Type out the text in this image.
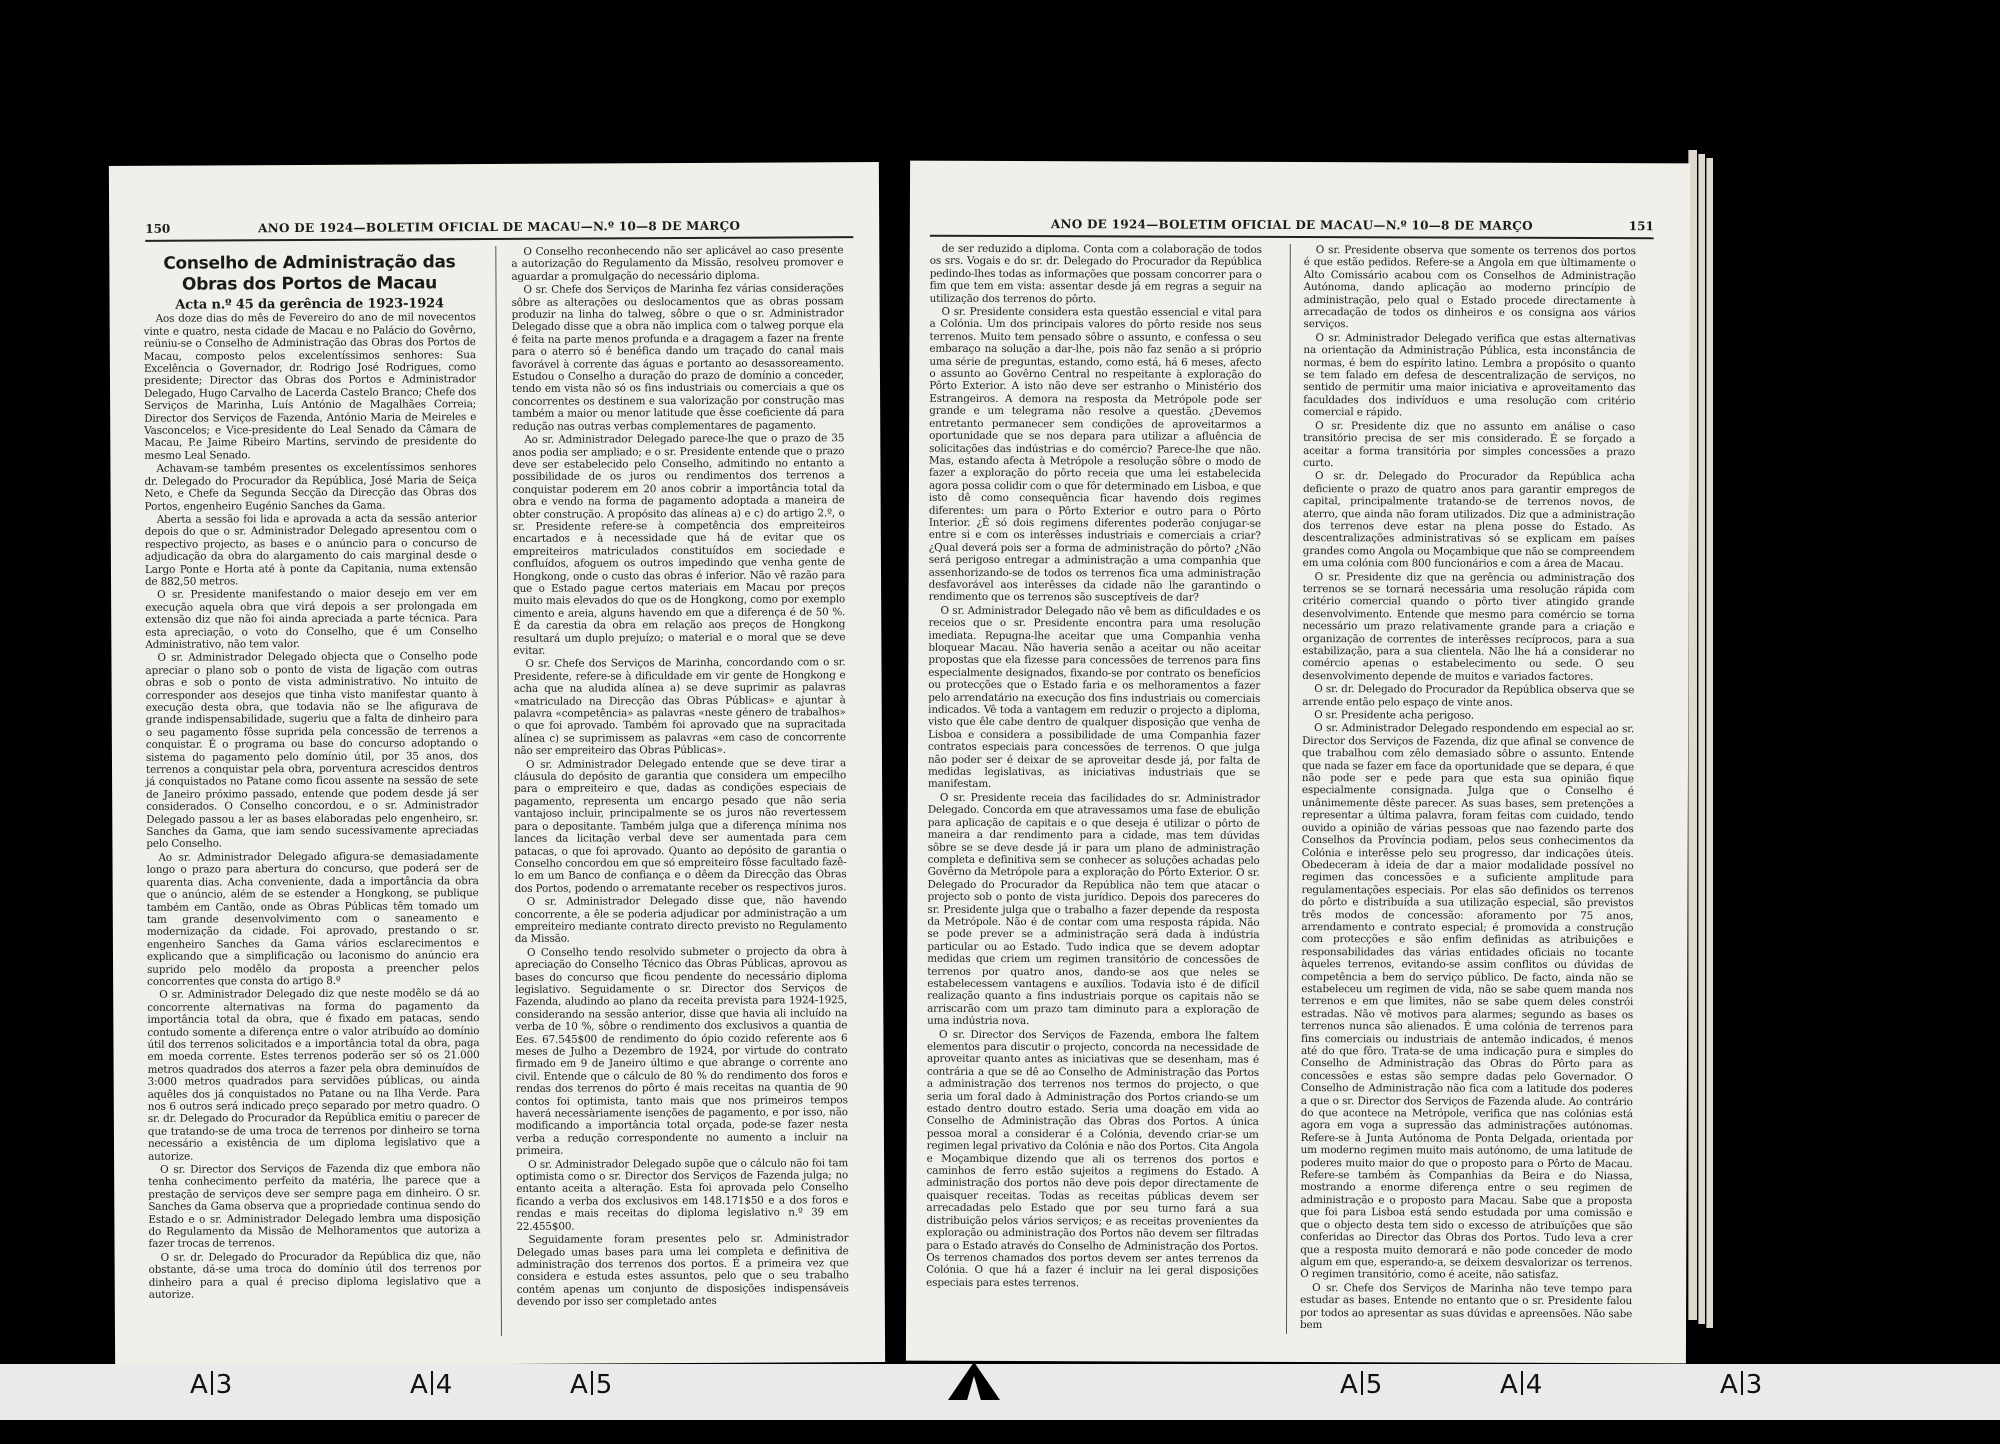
150	ANO DE 1924—BOLETIM OFICIAL DE MACAU—N.º 10—8 DE MARÇO
Conselho de Administração das Obras dos Portos de Macau

Acta n.º 45 da gerência de 1923-1924

Aos doze dias do mês de Fevereiro do ano de mil novecentos vinte e quatro, nesta cidade de Macau e no Palácio do Govêrno, reüniu-se o Conselho de Administração das Obras dos Portos de Macau, composto pelos excelentíssimos senhores: Sua Excelência o Governador, dr. Rodrigo José Rodrigues, como presidente; Director das Obras dos Portos e Administrador Delegado, Hugo Carvalho de Lacerda Castelo Branco; Chefe dos Serviços de Marinha, Luís António de Magalhães Correia; Director dos Serviços de Fazenda, António Maria de Meireles e Vasconcelos; e Vice-presidente do Leal Senado da Câmara de Macau, P.e Jaime Ribeiro Martins, servindo de presidente do mesmo Leal Senado.

Achavam-se também presentes os excelentíssimos senhores dr. Delegado do Procurador da República, José Maria de Seiça Neto, e Chefe da Segunda Secção da Direcção das Obras dos Portos, engenheiro Eugénio Sanches da Gama.

Aberta a sessão foi lida e aprovada a acta da sessão anterior depois do que o sr. Administrador Delegado apresentou com o respectivo projecto, as bases e o anúncio para o concurso de adjudicação da obra do alargamento do cais marginal desde o Largo Ponte e Horta até à ponte da Capitania, numa extensão de 882,50 metros.

O sr. Presidente manifestando o maior desejo em ver em execução aquela obra que virá depois a ser prolongada em extensão diz que não foi ainda apreciada a parte técnica. Para esta apreciação, o voto do Conselho, que é um Conselho Administrativo, não tem valor.

O sr. Administrador Delegado objecta que o Conselho pode apreciar o plano sob o ponto de vista de ligação com outras obras e sob o ponto de vista administrativo. No intuito de corresponder aos desejos que tinha visto manifestar quanto à execução desta obra, que todavia não se lhe afigurava de grande indispensabilidade, sugeriu que a falta de dinheiro para o seu pagamento fôsse suprida pela concessão de terrenos a conquistar. É o programa ou base do concurso adoptando o sistema do pagamento pelo domínio útil, por 35 anos, dos terrenos a conquistar pela obra, porventura acrescidos dentros já conquistados no Patane como ficou assente na sessão de sete de Janeiro próximo passado, entende que podem desde já ser considerados. O Conselho concordou, e o sr. Administrador Delegado passou a ler as bases elaboradas pelo engenheiro, sr. Sanches da Gama, que iam sendo sucessivamente apreciadas pelo Conselho.

Ao sr. Administrador Delegado afigura-se demasiadamente longo o prazo para abertura do concurso, que poderá ser de quarenta dias. Acha conveniente, dada a importância da obra que o anúncio, além de se estender a Hongkong, se publique também em Cantão, onde as Obras Públicas têm tomado um tam grande desenvolvimento com o saneamento e modernização da cidade. Foi aprovado, prestando o sr. engenheiro Sanches da Gama vários esclarecimentos e explicando que a simplificação ou laconismo do anúncio era suprido pelo modêlo da proposta a preencher pelos concorrentes que consta do artigo 8.º

O sr. Administrador Delegado diz que neste modêlo se dá ao concorrente alternativas na forma do pagamento da importância total da obra, que é fixado em patacas, sendo contudo somente a diferença entre o valor atribuído ao domínio útil dos terrenos solicitados e a importância total da obra, paga em moeda corrente. Estes terrenos poderão ser só os 21.000 metros quadrados dos aterros a fazer pela obra deminuídos de 3:000 metros quadrados para servidões públicas, ou ainda aquêles dos já conquistados no Patane ou na Ilha Verde. Para nos 6 outros será indicado preço separado por metro quadro. O sr. dr. Delegado do Procurador da República emitiu o parecer de que tratando-se de uma troca de terrenos por dinheiro se torna necessário a existência de um diploma legislativo que a autorize.

O sr. Director dos Serviços de Fazenda diz que embora não tenha conhecimento perfeito da matéria, lhe parece que a prestação de serviços deve ser sempre paga em dinheiro. O sr. Sanches da Gama observa que a propriedade continua sendo do Estado e o sr. Administrador Delegado lembra uma disposição do Regulamento da Missão de Melhoramentos que autoriza a fazer trocas de terrenos.

O sr. dr. Delegado do Procurador da República diz que, não obstante, dá-se uma troca do domínio útil dos terrenos por dinheiro para a qual é preciso diploma legislativo que a autorize.

O Conselho reconhecendo não ser aplicável ao caso presente a autorização do Regulamento da Missão, resolveu promover e aguardar a promulgação do necessário diploma.

O sr. Chefe dos Serviços de Marinha fez várias considerações sôbre as alterações ou deslocamentos que as obras possam produzir na linha do talweg, sôbre o que o sr. Administrador Delegado disse que a obra não implica com o talweg porque ela é feita na parte menos profunda e a dragagem a fazer na frente para o aterro só é benéfica dando um traçado do canal mais favorável à corrente das águas e portanto ao desassoreamento. Estudou o Conselho a duração do prazo de domínio a conceder, tendo em vista não só os fins industriais ou comerciais a que os concorrentes os destinem e sua valorização por construção mas também a maior ou menor latitude que êsse coeficiente dá para redução nas outras verbas complementares de pagamento.

Ao sr. Administrador Delegado parece-lhe que o prazo de 35 anos podia ser ampliado; e o sr. Presidente entende que o prazo deve ser estabelecido pelo Conselho, admitindo no entanto a possibilidade de os juros ou rendimentos dos terrenos a conquistar poderem em 20 anos cobrir a importância total da obra e vendo na forma de pagamento adoptada a maneira de obter construção. A propósito das alíneas a) e c) do artigo 2.º, o sr. Presidente refere-se à competência dos empreiteiros encartados e à necessidade que há de evitar que os empreiteiros matriculados constituídos em sociedade e confluídos, afoguem os outros impedindo que venha gente de Hongkong, onde o custo das obras é inferior. Não vê razão para que o Estado pague certos materiais em Macau por preços muito mais elevados do que os de Hongkong, como por exemplo cimento e areia, alguns havendo em que a diferença é de 50 %. É da carestia da obra em relação aos preços de Hongkong resultará um duplo prejuízo; o material e o moral que se deve evitar.

O sr. Chefe dos Serviços de Marinha, concordando com o sr. Presidente, refere-se à dificuldade em vir gente de Hongkong e acha que na aludida alínea a) se deve suprimir as palavras «matriculado na Direcção das Obras Públicas» e ajuntar à palavra «competência» as palavras «neste género de trabalhos» o que foi aprovado. Também foi aprovado que na supracitada alínea c) se suprimissem as palavras «em caso de concorrente não ser empreiteiro das Obras Públicas».

O sr. Administrador Delegado entende que se deve tirar a cláusula do depósito de garantia que considera um empecilho para o empreiteiro e que, dadas as condições especiais de pagamento, representa um encargo pesado que não seria vantajoso incluir, principalmente se os juros não revertessem para o depositante. Também julga que a diferença mínima nos lances da licitação verbal deve ser aumentada para cem patacas, o que foi aprovado. Quanto ao depósito de garantia o Conselho concordou em que só empreiteiro fôsse facultado fazê-lo em um Banco de confiança e o dêem da Direcção das Obras dos Portos, podendo o arrematante receber os respectivos juros.

O sr. Administrador Delegado disse que, não havendo concorrente, a êle se poderia adjudicar por administração a um empreiteiro mediante contrato directo previsto no Regulamento da Missão.

O Conselho tendo resolvido submeter o projecto da obra à apreciação do Conselho Técnico das Obras Públicas, aprovou as bases do concurso que ficou pendente do necessário diploma legislativo. Seguidamente o sr. Director dos Serviços de Fazenda, aludindo ao plano da receita prevista para 1924-1925, considerando na sessão anterior, disse que havia ali incluído na verba de 10 %, sôbre o rendimento dos exclusivos a quantia de Ees. 67.545$00 de rendimento do ópio cozido referente aos 6 meses de Julho a Dezembro de 1924, por virtude do contrato firmado em 9 de Janeiro último e que abrange o corrente ano civil. Entende que o cálculo de 80 % do rendimento dos foros e rendas dos terrenos do pôrto é mais receitas na quantia de 90 contos foi optimista, tanto mais que nos primeiros tempos haverá necessàriamente isenções de pagamento, e por isso, não modificando a importância total orçada, pode-se fazer nesta verba a redução correspondente no aumento a incluir na primeira.

O sr. Administrador Delegado supõe que o cálculo não foi tam optimista como o sr. Director dos Serviços de Fazenda julga; no entanto aceita a alteração. Esta foi aprovada pelo Conselho ficando a verba dos exclusivos em 148.171$50 e a dos foros e rendas e mais receitas do diploma legislativo n.º 39 em 22.455$00.

Seguidamente foram presentes pelo sr. Administrador Delegado umas bases para uma lei completa e definitiva de administração dos terrenos dos portos. É a primeira vez que considera e estuda estes assuntos, pelo que o seu trabalho contém apenas um conjunto de disposições indispensáveis devendo por isso ser completado antes

ANO DE 1924—BOLETIM OFICIAL DE MACAU—N.º 10—8 DE MARÇO	151

de ser reduzido a diploma. Conta com a colaboração de todos os srs. Vogais e do sr. dr. Delegado do Procurador da República pedindo-lhes todas as informações que possam concorrer para o fim que tem em vista: assentar desde já em regras a seguir na utilização dos terrenos do pôrto.

O sr. Presidente considera esta questão essencial e vital para a Colónia. Um dos principais valores do pôrto reside nos seus terrenos. Muito tem pensado sôbre o assunto, e confessa o seu embaraço na solução a dar-lhe, pois não faz senão a si próprio uma série de preguntas, estando, como está, há 6 meses, afecto o assunto ao Govêrno Central no respeitante à exploração do Pôrto Exterior. A isto não deve ser estranho o Ministério dos Estrangeiros. A demora na resposta da Metrópole pode ser grande e um telegrama não resolve a questão. ¿Devemos entretanto permanecer sem condições de aproveitarmos a oportunidade que se nos depara para utilizar a afluência de solicitações das indústrias e do comércio? Parece-lhe que não. Mas, estando afecta à Metrópole a resolução sôbre o modo de fazer a exploração do pôrto receia que uma lei estabelecida agora possa colidir com o que fôr determinado em Lisboa, e que isto dê como consequência ficar havendo dois regimes diferentes: um para o Pôrto Exterior e outro para o Pôrto Interior. ¿É só dois regimens diferentes poderão conjugar-se entre si e com os interêsses industriais e comerciais a criar? ¿Qual deverá pois ser a forma de administração do pôrto? ¿Não será perigoso entregar a administração a uma companhia que assenhorizando-se de todos os terrenos fica uma administração desfavorável aos interêsses da cidade não lhe garantindo o rendimento que os terrenos são susceptíveis de dar?

O sr. Administrador Delegado não vê bem as dificuldades e os receios que o sr. Presidente encontra para uma resolução imediata. Repugna-lhe aceitar que uma Companhia venha bloquear Macau. Não haveria senão a aceitar ou não aceitar propostas que ela fizesse para concessões de terrenos para fins especialmente designados, fixando-se por contrato os benefícios ou protecções que o Estado faria e os melhoramentos a fazer pelo arrendatário na execução dos fins industriais ou comerciais indicados. Vê toda a vantagem em reduzir o projecto a diploma, visto que êle cabe dentro de qualquer disposição que venha de Lisboa e considera a possibilidade de uma Companhia fazer contratos especiais para concessões de terrenos. O que julga não poder ser é deixar de se aproveitar desde já, por falta de medidas legislativas, as iniciativas industriais que se manifestam.

O sr. Presidente receia das facilidades do sr. Administrador Delegado. Concorda em que atravessamos uma fase de ebulição para aplicação de capitais e o que deseja é utilizar o pôrto de maneira a dar rendimento para a cidade, mas tem dúvidas sôbre se se deve desde já ir para um plano de administração completa e definitiva sem se conhecer as soluções achadas pelo Govêrno da Metrópole para a exploração do Pôrto Exterior. O sr. Delegado do Procurador da República não tem que atacar o projecto sob o ponto de vista jurídico. Depois dos pareceres do sr. Presidente julga que o trabalho a fazer depende da resposta da Metrópole. Não é de contar com uma resposta rápida. Não se pode prever se a administração será dada à indústria particular ou ao Estado. Tudo indica que se devem adoptar medidas que criem um regimen transitório de concessões de terrenos por quatro anos, dando-se aos que neles se estabelecessem vantagens e auxílios. Todavia isto é de difícil realização quanto a fins industriais porque os capitais não se arriscarão com um prazo tam diminuto para a exploração de uma indústria nova.

O sr. Director dos Serviços de Fazenda, embora lhe faltem elementos para discutir o projecto, concorda na necessidade de aproveitar quanto antes as iniciativas que se desenham, mas é contrária a que se dê ao Conselho de Administração das Portos a administração dos terrenos nos termos do projecto, o que seria um foral dado à Administração dos Portos criando-se um estado dentro doutro estado. Seria uma doação em vida ao Conselho de Administração das Obras dos Portos. A única pessoa moral a considerar é a Colónia, devendo criar-se um regimen legal privativo da Colónia e não dos Portos. Cita Angola e Moçambique dizendo que ali os terrenos dos portos e caminhos de ferro estão sujeitos a regimens do Estado. A administração dos portos não deve pois depor directamente de quaisquer receitas. Todas as receitas públicas devem ser arrecadadas pelo Estado que por seu turno fará a sua distribuição pelos vários serviços; e as receitas provenientes da exploração ou administração dos Portos não devem ser filtradas para o Estado através do Conselho de Administração dos Portos. Os terrenos chamados dos portos devem ser antes terrenos da Colónia. O que há a fazer é incluir na lei geral disposições especiais para estes terrenos.

O sr. Presidente observa que somente os terrenos dos portos é que estão pedidos. Refere-se a Angola em que ùltimamente o Alto Comissário acabou com os Conselhos de Administração Autónoma, dando aplicação ao moderno princípio de administração, pelo qual o Estado procede directamente à arrecadação de todos os dinheiros e os consigna aos vários serviços.

O sr. Administrador Delegado verifica que estas alternativas na orientação da Administração Pública, esta inconstância de normas, é bem do espírito latino. Lembra a propósito o quanto se tem falado em defesa de descentralização de serviços, no sentido de permitir uma maior iniciativa e aproveitamento das faculdades dos indivíduos e uma resolução com critério comercial e rápido.

O sr. Presidente diz que no assunto em análise o caso transitório precisa de ser mis considerado. É se forçado a aceitar a forma transitória por simples concessões a prazo curto.

O sr. dr. Delegado do Procurador da República acha deficiente o prazo de quatro anos para garantir empregos de capital, principalmente tratando-se de terrenos novos, de aterro, que ainda não foram utilizados. Diz que a administração dos terrenos deve estar na plena posse do Estado. As descentralizações administrativas só se explicam em países grandes como Angola ou Moçambique que não se compreendem em uma colónia com 800 funcionários e com a área de Macau.

O sr. Presidente diz que na gerência ou administração dos terrenos se se tornará necessária uma resolução rápida com critério comercial quando o pôrto tiver atingido grande desenvolvimento. Entende que mesmo para comércio se torna necessário um prazo relativamente grande para a criação e organização de correntes de interêsses recíprocos, para a sua estabilização, para a sua clientela. Não lhe há a considerar no comércio apenas o estabelecimento ou sede. O seu desenvolvimento depende de muitos e variados factores.

O sr. dr. Delegado do Procurador da República observa que se arrende então pelo espaço de vinte anos.

O sr. Presidente acha perigoso.

O sr. Administrador Delegado respondendo em especial ao sr. Director dos Serviços de Fazenda, diz que afinal se convence de que trabalhou com zêlo demasiado sôbre o assunto. Entende que nada se fazer em face da oportunidade que se depara, é que não pode ser e pede para que esta sua opinião fique especialmente consignada. Julga que o Conselho é unânimemente dêste parecer. As suas bases, sem pretenções a representar a última palavra, foram feitas com cuidado, tendo ouvido a opinião de várias pessoas que nao fazendo parte dos Conselhos da Província podiam, pelos seus conhecimentos da Colónia e interêsse pelo seu progresso, dar indicações úteis. Obedeceram à ideia de dar a maior modalidade possível no regimen das concessões e a suficiente amplitude para regulamentações especiais. Por elas são definidos os terrenos do pôrto e distribuída a sua utilização especial, são previstos três modos de concessão: aforamento por 75 anos, arrendamento e contrato especial; é promovida a construção com protecções e são enfim definidas as atribuições e responsabilidades das várias entidades oficiais no tocante àqueles terrenos, evitando-se assim conflitos ou dúvidas de competência a bem do serviço público. De facto, ainda não se estabeleceu um regimen de vida, não se sabe quem manda nos terrenos e em que limites, não se sabe quem deles constrói estradas. Não vê motivos para alarmes; segundo as bases os terrenos nunca são alienados. É uma colónia de terrenos para fins comerciais ou industriais de antemão indicados, é menos até do que fôro. Trata-se de uma indicação pura e simples do Conselho de Administração das Obras do Pôrto para as concessões e estas são sempre dadas pelo Governador. O Conselho de Administração não fica com a latitude dos poderes a que o sr. Director dos Serviços de Fazenda alude. Ao contrário do que acontece na Metrópole, verifica que nas colónias está agora em voga a supressão das administrações autónomas. Refere-se à Junta Autónoma de Ponta Delgada, orientada por um moderno regimen muito mais autónomo, de uma latitude de poderes muito maior do que o proposto para o Pôrto de Macau. Refere-se também às Companhias da Beira e do Niassa, mostrando a enorme diferença entre o seu regimen de administração e o proposto para Macau. Sabe que a proposta que foi para Lisboa está sendo estudada por uma comissão e que o objecto desta tem sido o excesso de atribuïções que são conferidas ao Director das Obras dos Portos. Tudo leva a crer que a resposta muito demorará e não pode conceder de modo algum em que, esperando-a, se deixem desvalorizar os terrenos. O regimen transitório, como é aceite, não satisfaz.

O sr. Chefe dos Serviços de Marinha não teve tempo para estudar as bases. Entende no entanto que o sr. Presidente falou por todos ao apresentar as suas dúvidas e apreensões. Não sabe bem

A 3	A 4	A 5	A 5	A 4	A 3
